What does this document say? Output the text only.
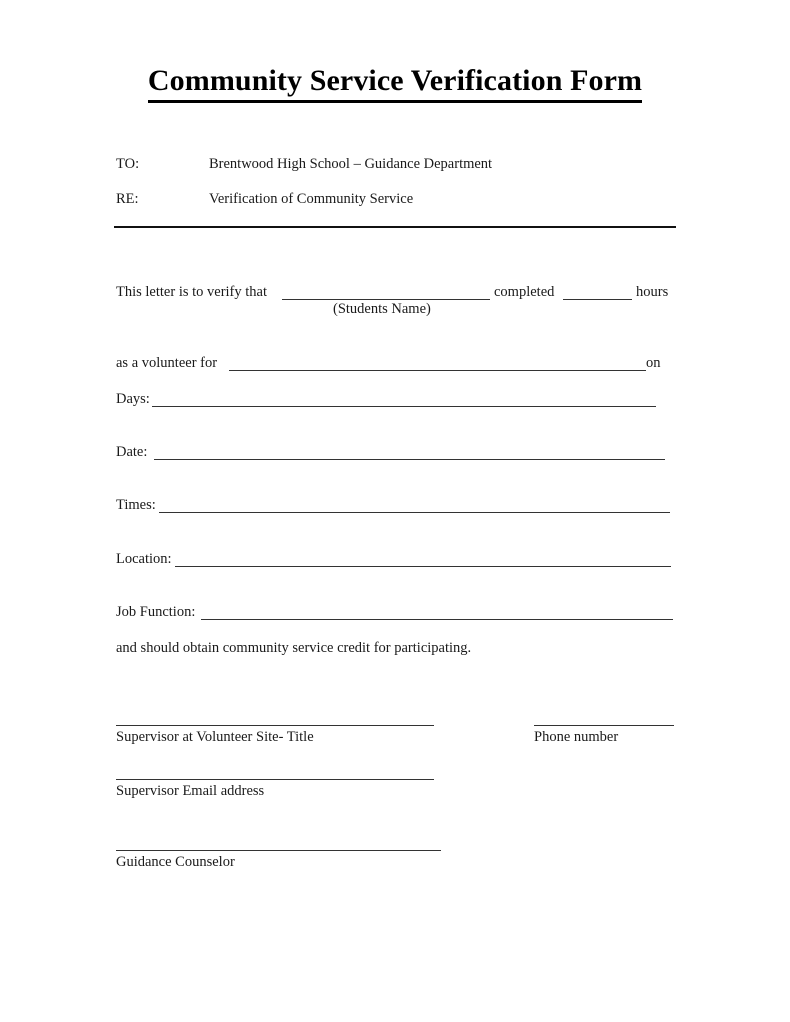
Community Service Verification Form
TO:	Brentwood High School – Guidance Department
RE:	Verification of Community Service
This letter is to verify that	completed	hours
(Students Name)
as a volunteer for	on
Days:
Date:
Times:
Location:
Job Function:
and should obtain community service credit for participating.
Supervisor at Volunteer Site- Title	Phone number
Supervisor Email address
Guidance Counselor
